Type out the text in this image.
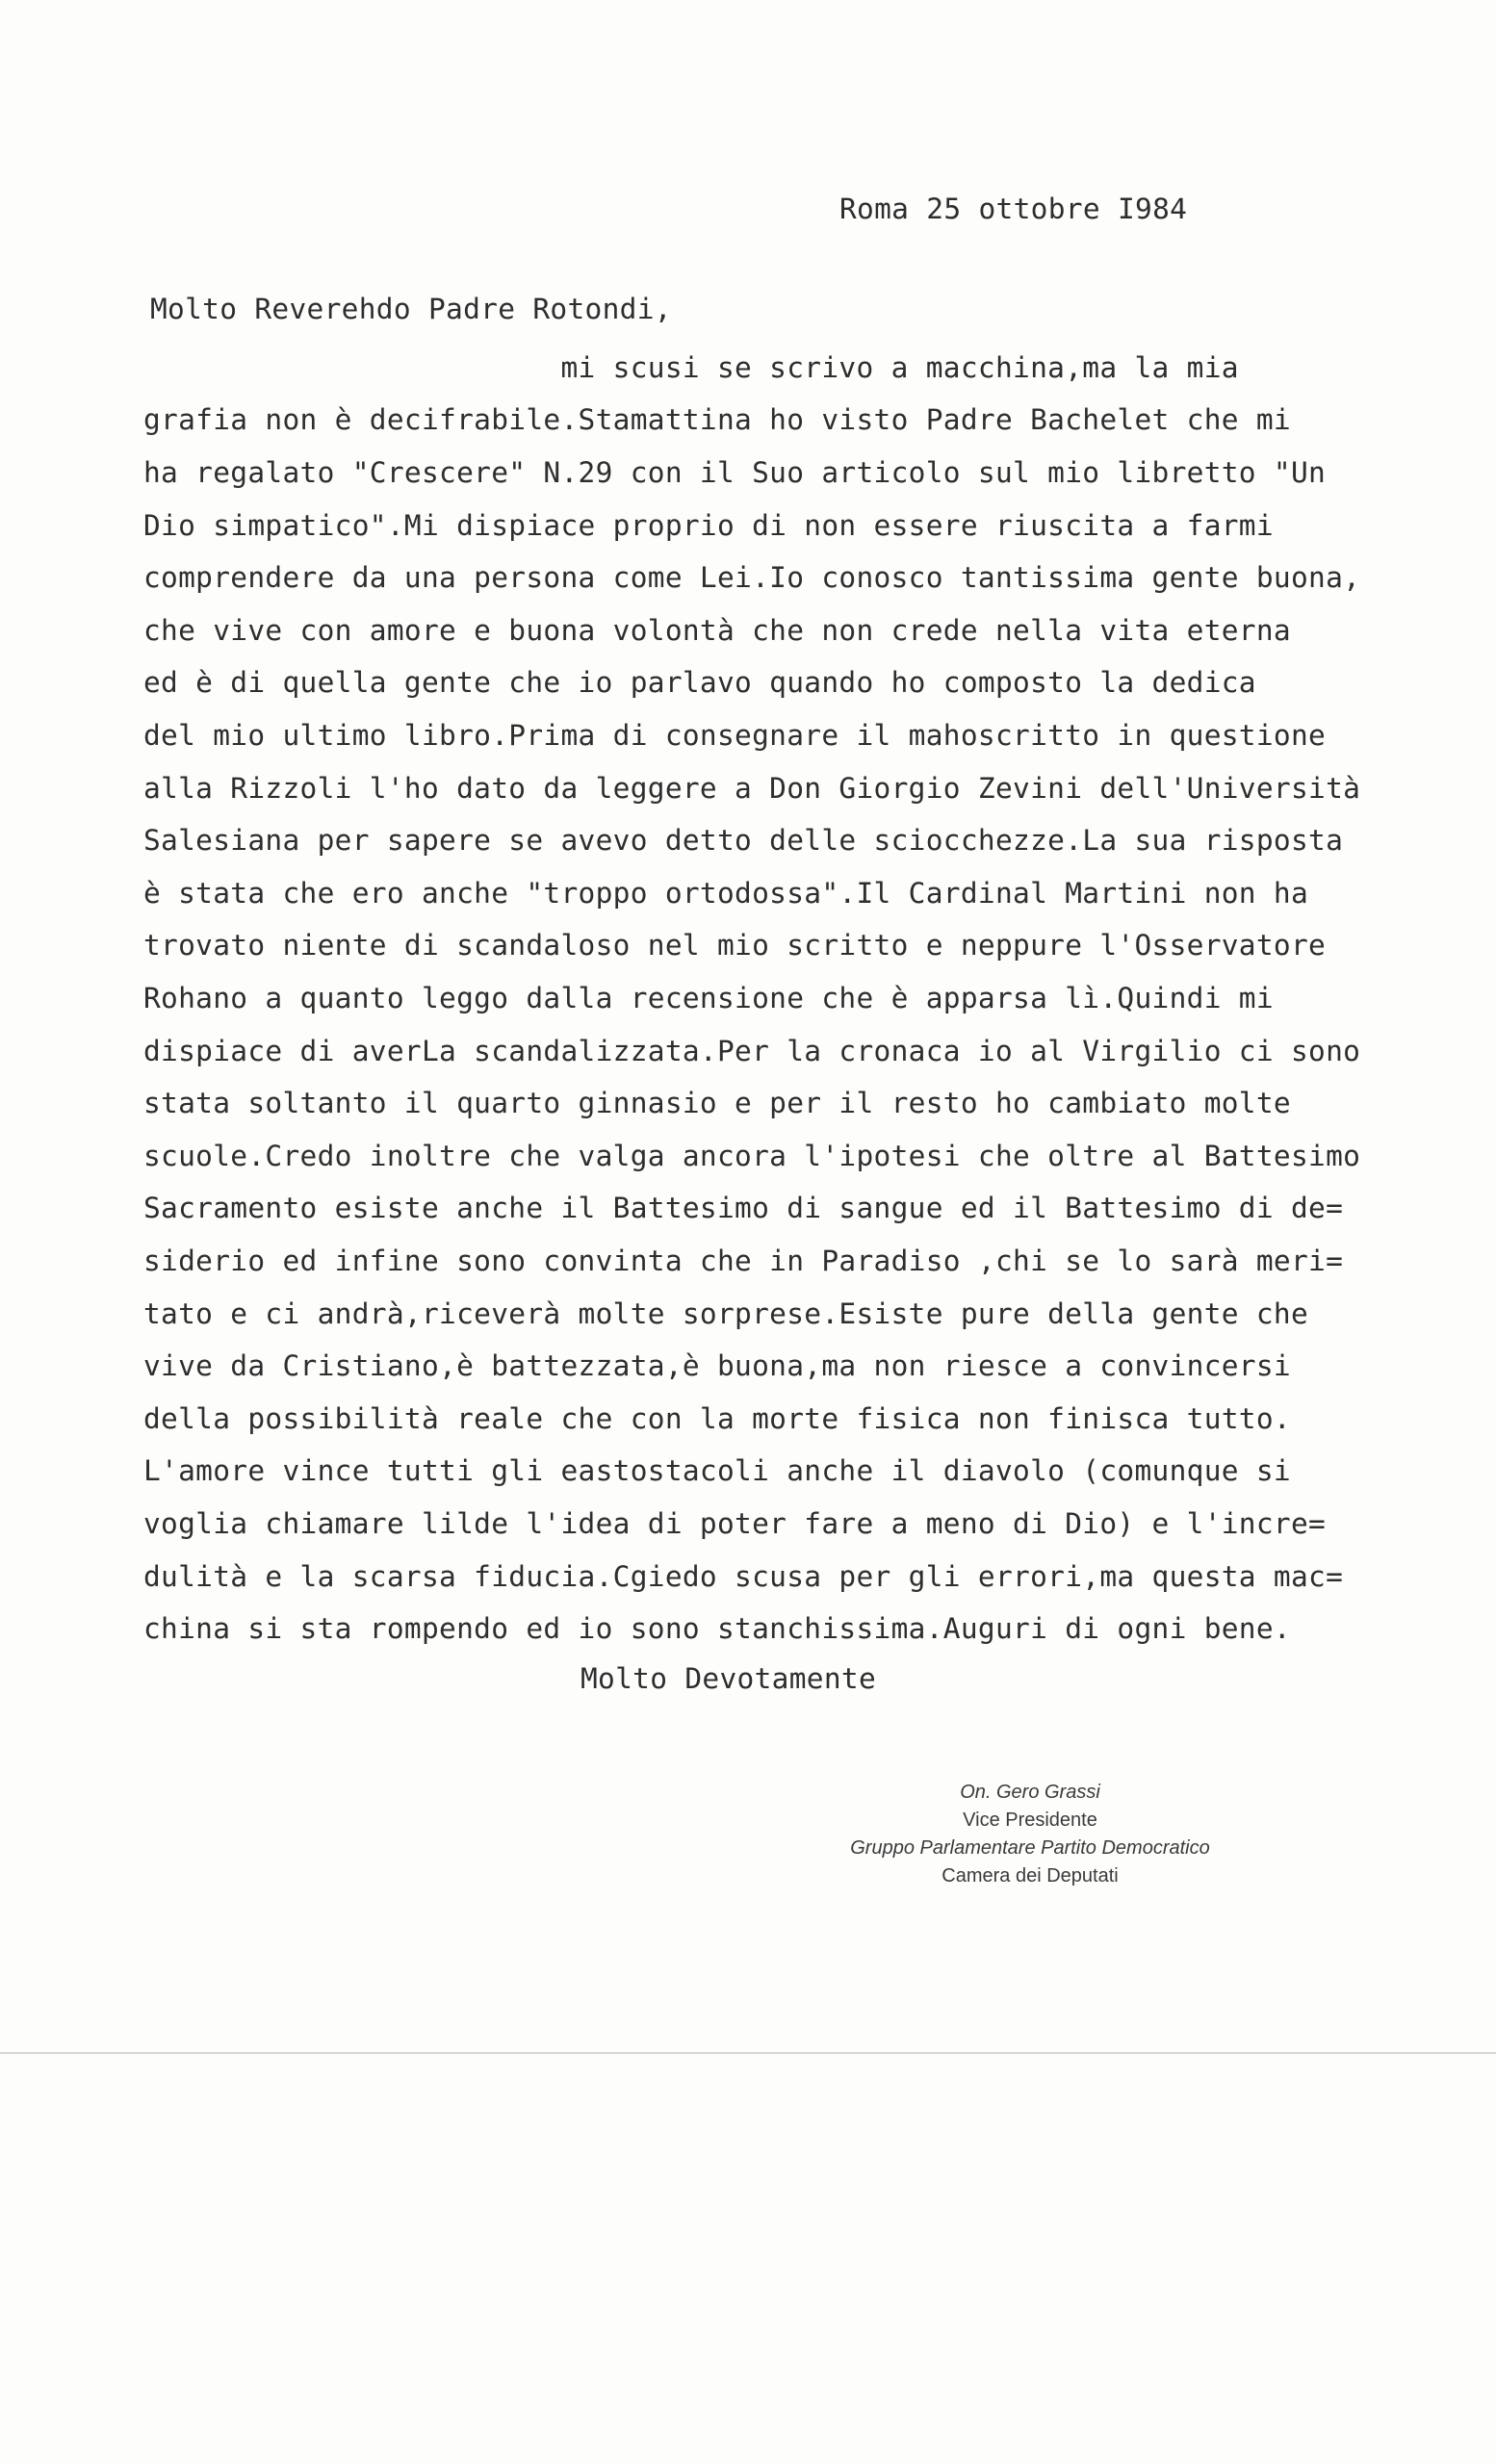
Roma 25 ottobre I984
Molto Reverehdo Padre Rotondi,
mi scusi se scrivo a macchina,ma la mia
grafia non è decifrabile.Stamattina ho visto Padre Bachelet che mi
ha regalato "Crescere" N.29 con il Suo articolo sul mio libretto "Un
Dio simpatico".Mi dispiace proprio di non essere riuscita a farmi
comprendere da una persona come Lei.Io conosco tantissima gente buona,
che vive con amore e buona volontà che non crede nella vita eterna
ed è di quella gente che io parlavo quando ho composto la dedica
del mio ultimo libro.Prima di consegnare il mahoscritto in questione
alla Rizzoli l'ho dato da leggere a Don Giorgio Zevini dell'Università
Salesiana per sapere se avevo detto delle sciocchezze.La sua risposta
è stata che ero anche "troppo ortodossa".Il Cardinal Martini non ha
trovato niente di scandaloso nel mio scritto e neppure l'Osservatore
Rohano a quanto leggo dalla recensione che è apparsa lì.Quindi mi
dispiace di averLa scandalizzata.Per la cronaca io al Virgilio ci sono
stata soltanto il quarto ginnasio e per il resto ho cambiato molte
scuole.Credo inoltre che valga ancora l'ipotesi che oltre al Battesimo
Sacramento esiste anche il Battesimo di sangue ed il Battesimo di de=
siderio ed infine sono convinta che in Paradiso ,chi se lo sarà meri=
tato e ci andrà,riceverà molte sorprese.Esiste pure della gente che
vive da Cristiano,è battezzata,è buona,ma non riesce a convincersi
della possibilità reale che con la morte fisica non finisca tutto.
L'amore vince tutti gli eastostacoli anche il diavolo (comunque si
voglia chiamare lilde l'idea di poter fare a meno di Dio) e l'incre=
dulità e la scarsa fiducia.Cgiedo scusa per gli errori,ma questa mac=
china si sta rompendo ed io sono stanchissima.Auguri di ogni bene.
Molto Devotamente
On. Gero Grassi
Vice Presidente
Gruppo Parlamentare Partito Democratico
Camera dei Deputati
